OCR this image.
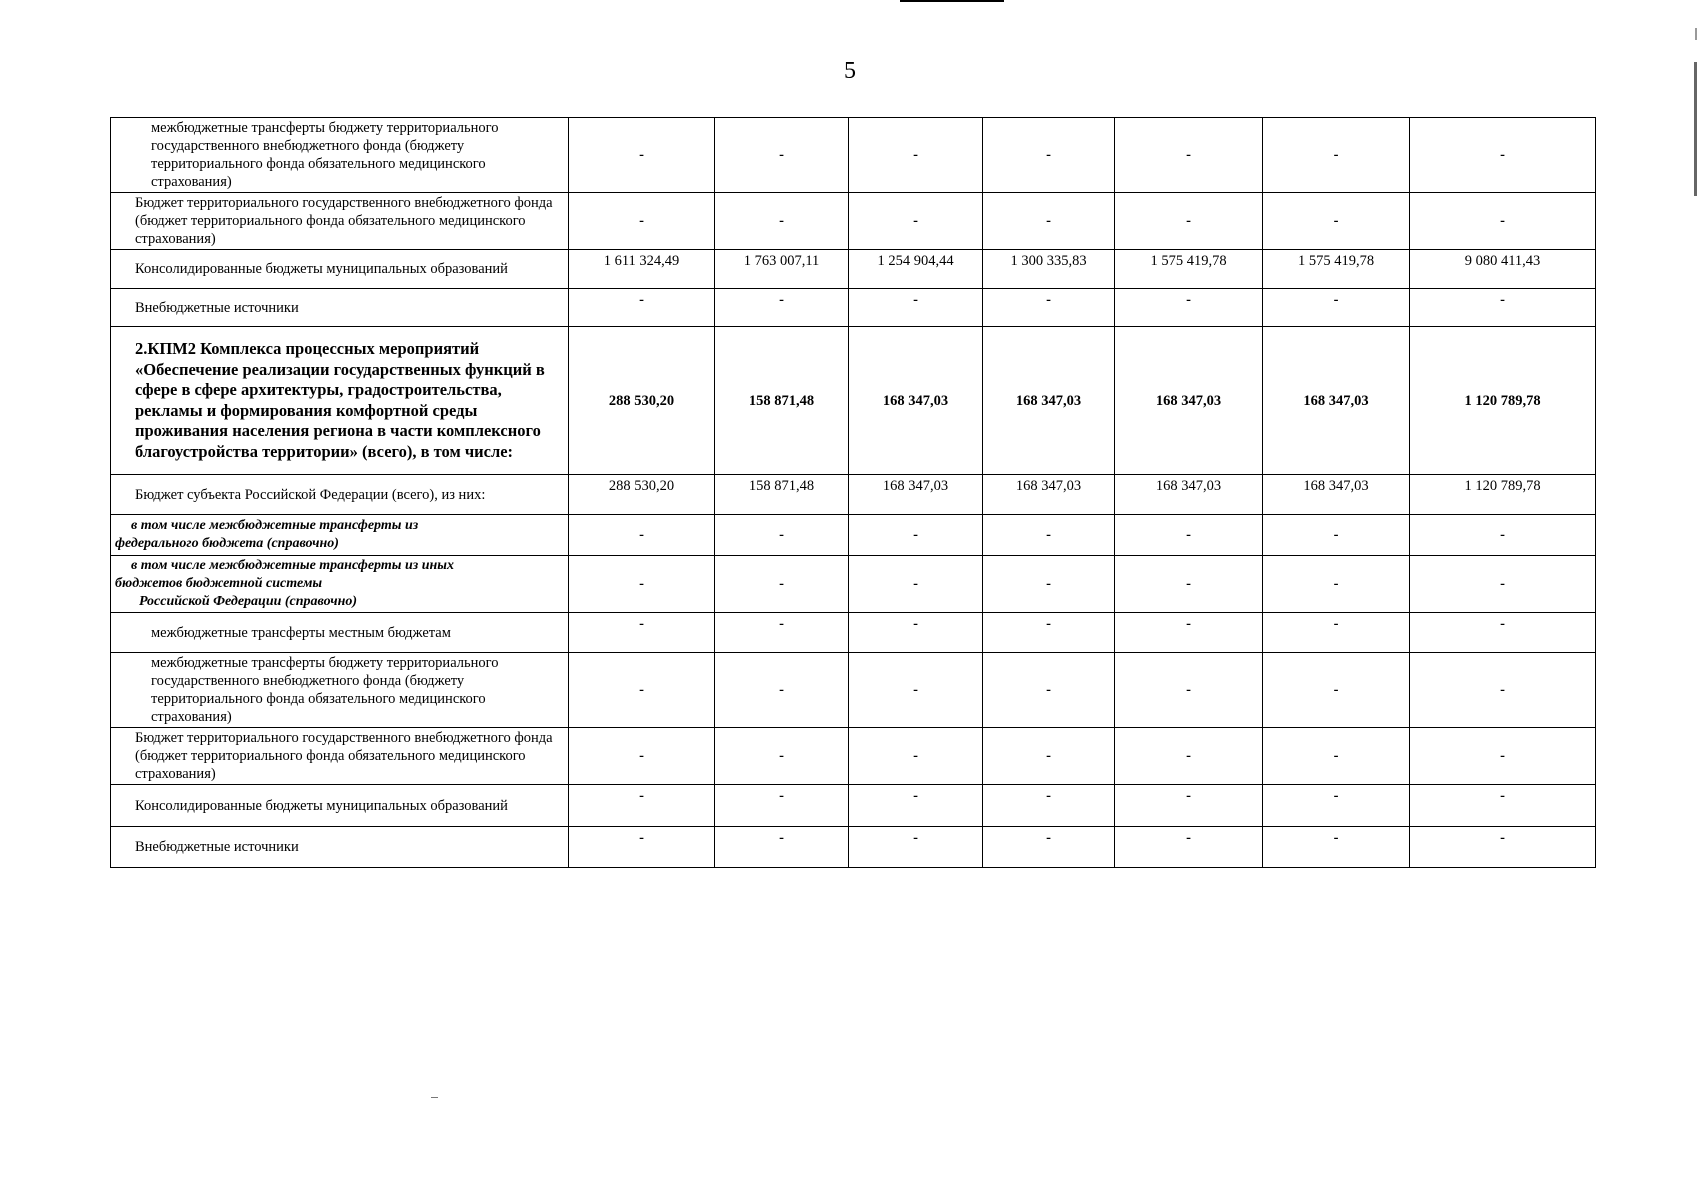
5
межбюджетные трансферты бюджету территориального государственного внебюджетного фонда (бюджету территориального фонда обязательного медицинского страхования)	-	-	-	-	-	-	-
Бюджет территориального государственного внебюджетного фонда (бюджет территориального фонда обязательного медицинского страхования)	-	-	-	-	-	-	-
Консолидированные бюджеты муниципальных образований	1 611 324,49	1 763 007,11	1 254 904,44	1 300 335,83	1 575 419,78	1 575 419,78	9 080 411,43
Внебюджетные источники	-	-	-	-	-	-	-
2.КПМ2 Комплекса процессных мероприятий «Обеспечение реализации государственных функций в сфере в сфере архитектуры, градостроительства, рекламы и формирования комфортной среды проживания населения региона в части комплексного благоустройства территории» (всего), в том числе:	288 530,20	158 871,48	168 347,03	168 347,03	168 347,03	168 347,03	1 120 789,78
Бюджет субъекта Российской Федерации (всего), из них:	288 530,20	158 871,48	168 347,03	168 347,03	168 347,03	168 347,03	1 120 789,78

в том числе межбюджетные трансферты из
федерального бюджета (справочно)	-	-	-	-	-	-	-

в том числе межбюджетные трансферты из иных
бюджетов бюджетной системы
Российской Федерации (справочно)	-	-	-	-	-	-	-
межбюджетные трансферты местным бюджетам	-	-	-	-	-	-	-
межбюджетные трансферты бюджету территориального государственного внебюджетного фонда (бюджету территориального фонда обязательного медицинского страхования)	-	-	-	-	-	-	-
Бюджет территориального государственного внебюджетного фонда (бюджет территориального фонда обязательного медицинского страхования)	-	-	-	-	-	-	-
Консолидированные бюджеты муниципальных образований	-	-	-	-	-	-	-
Внебюджетные источники	-	-	-	-	-	-	-
